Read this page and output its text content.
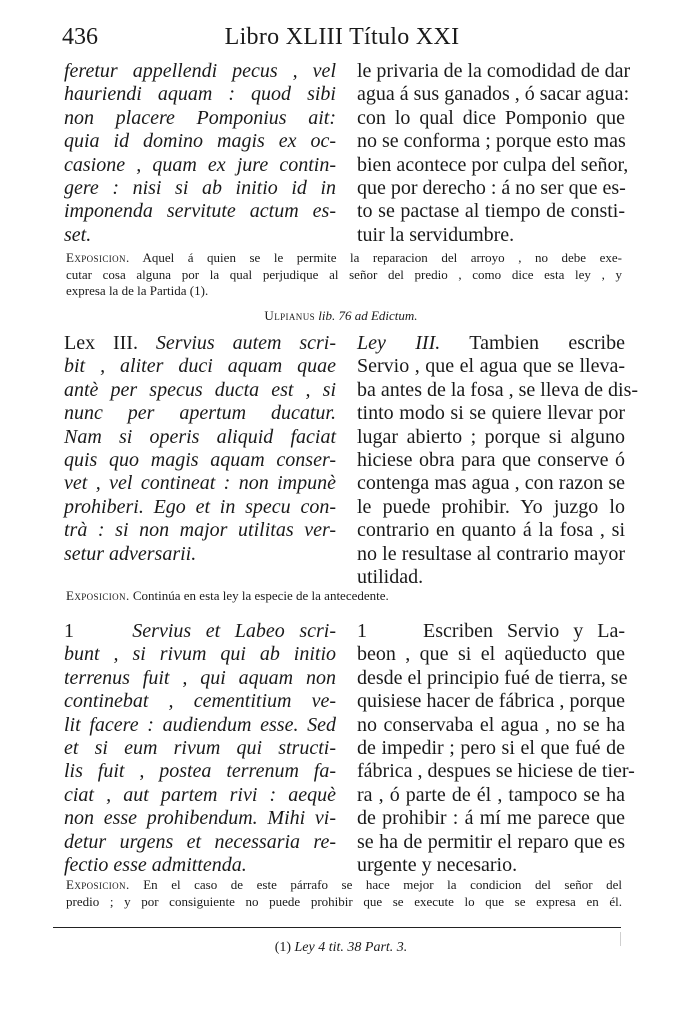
436	Libro XLIII Título XXI
feretur appellendi pecus , vel
hauriendi aquam : quod sibi
non placere Pomponius ait:
quia id domino magis ex oc-
casione , quam ex jure contin-
gere : nisi si ab initio id in
imponenda servitute actum es-
set.
le privaria de la comodidad de dar
agua á sus ganados , ó sacar agua:
con lo qual dice Pomponio que
no se conforma ; porque esto mas
bien acontece por culpa del señor,
que por derecho : á no ser que es-
to se pactase al tiempo de consti-
tuir la servidumbre.
Exposicion. Aquel á quien se le permite la reparacion del arroyo , no debe exe-
cutar cosa alguna por la qual perjudique al señor del predio , como dice esta ley , y
expresa la de la Partida (1).
Ulpianus lib. 76 ad Edictum.
Lex III. Servius autem scri-
bit , aliter duci aquam quae
antè per specus ducta est , si
nunc per apertum ducatur.
Nam si operis aliquid faciat
quis quo magis aquam conser-
vet , vel contineat : non impunè
prohiberi. Ego et in specu con-
trà : si non major utilitas ver-
setur adversarii.
Ley III. Tambien escribe
Servio , que el agua que se lleva-
ba antes de la fosa , se lleva de dis-
tinto modo si se quiere llevar por
lugar abierto ; porque si alguno
hiciese obra para que conserve ó
contenga mas agua , con razon se
le puede prohibir. Yo juzgo lo
contrario en quanto á la fosa , si
no le resultase al contrario mayor
utilidad.
Exposicion. Continúa en esta ley la especie de la antecedente.
1	Servius et Labeo scri-
bunt , si rivum qui ab initio
terrenus fuit , qui aquam non
continebat , cementitium ve-
lit facere : audiendum esse. Sed
et si eum rivum qui structi-
lis fuit , postea terrenum fa-
ciat , aut partem rivi : aequè
non esse prohibendum. Mihi vi-
detur urgens et necessaria re-
fectio esse admittenda.
1	Escriben Servio y La-
beon , que si el aqüeducto que
desde el principio fué de tierra, se
quisiese hacer de fábrica , porque
no conservaba el agua , no se ha
de impedir ; pero si el que fué de
fábrica , despues se hiciese de tier-
ra , ó parte de él , tampoco se ha
de prohibir : á mí me parece que
se ha de permitir el reparo que es
urgente y necesario.
Exposicion. En el caso de este párrafo se hace mejor la condicion del señor del
predio ; y por consiguiente no puede prohibir que se execute lo que se expresa en él.
(1) Ley 4 tit. 38 Part. 3.
